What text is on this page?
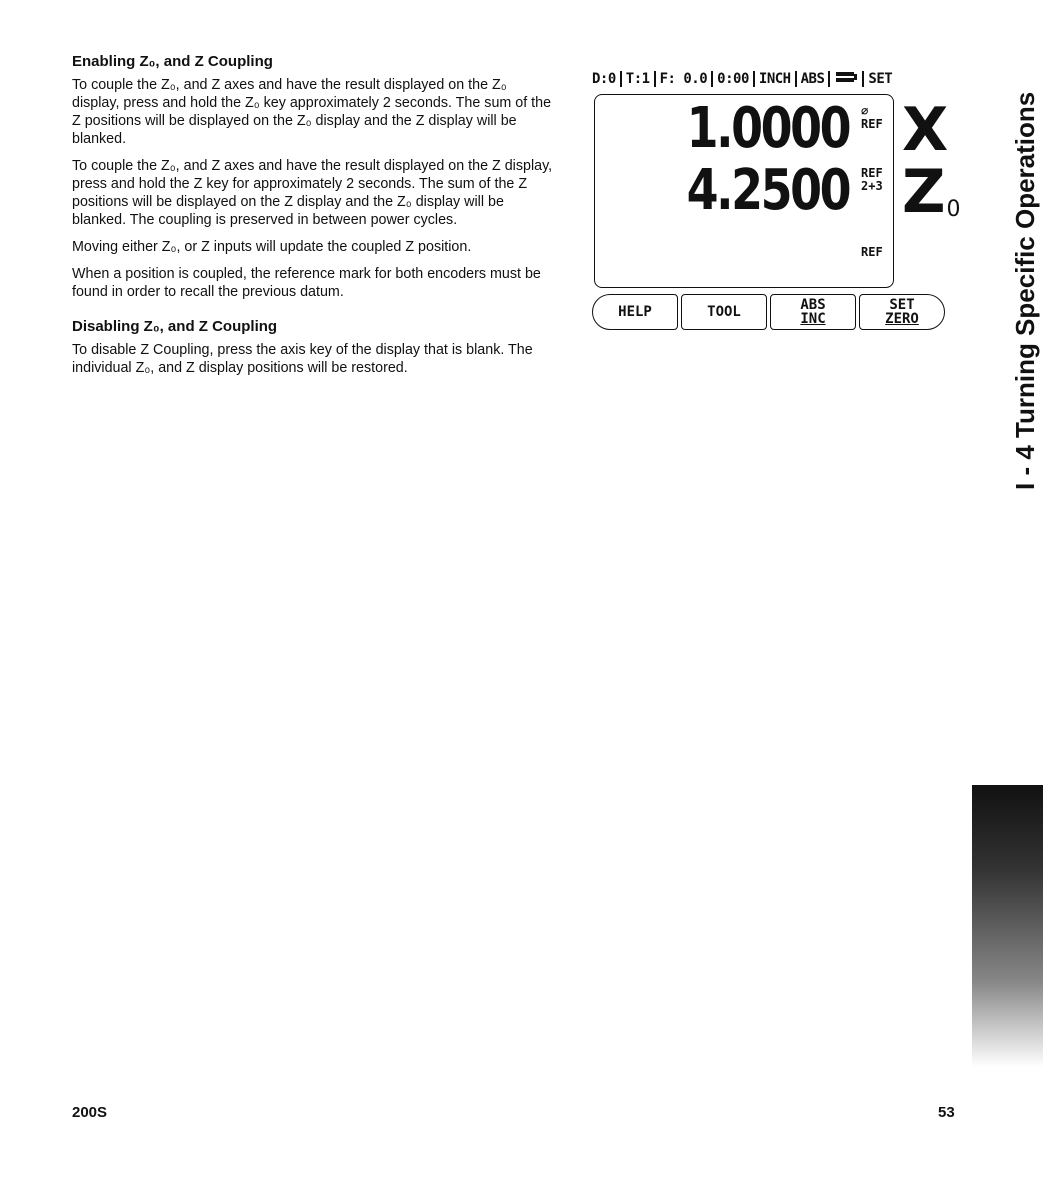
Enabling Z₀, and Z Coupling

To couple the Z₀, and Z axes and have the result displayed on the Z₀ display, press and hold the Z₀ key approximately 2 seconds. The sum of the Z positions will be displayed on the Z₀ display and the Z display will be blanked.

To couple the Z₀, and Z axes and have the result displayed on the Z display, press and hold the Z key for approximately 2 seconds. The sum of the Z positions will be displayed on the Z display and the Z₀ display will be blanked. The coupling is preserved in between power cycles.

Moving either Z₀, or Z inputs will update the coupled Z position.

When a position is coupled, the reference mark for both encoders must be found in order to recall the previous datum.

Disabling Z₀, and Z Coupling

To disable Z Coupling, press the axis key of the display that is blank. The individual Z₀, and Z display positions will be restored.

D:0 T:1 F: 0.0 0:00 INCH ABS	SET
1.0000 ⌀
REF
4.2500 REF
2+3
REF
X
Z0
HELP	TOOL	ABS
INC
SET
ZERO	I - 4 Turning Specific Operations
200S	53
